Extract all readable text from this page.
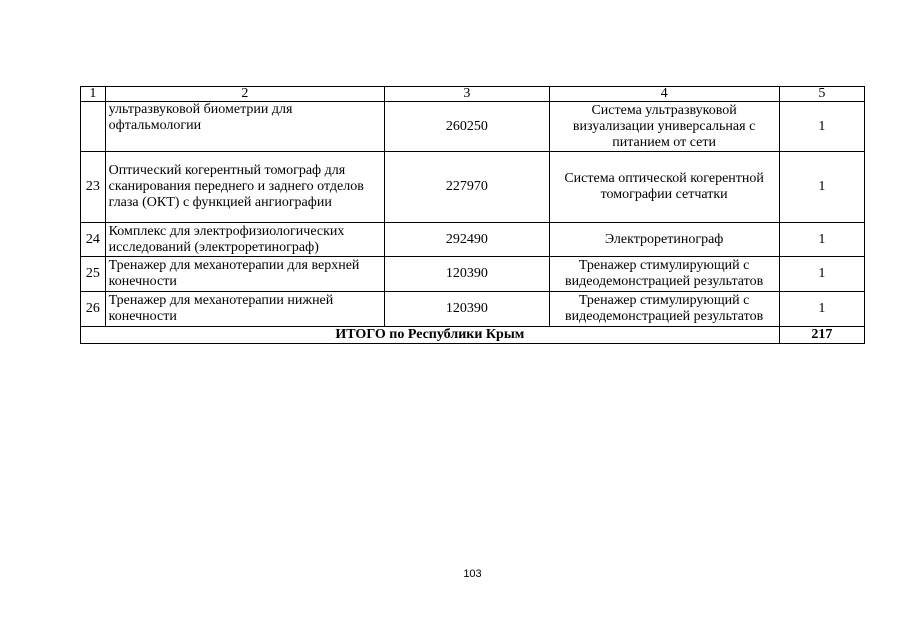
1	2	3	4	5
	ультразвуковой биометрии для офтальмологии	260250	Система ультразвуковой визуализации универсальная с питанием от сети	1
23	Оптический когерентный томограф для сканирования переднего и заднего отделов глаза (ОКТ) с функцией ангиографии	227970	Система оптической когерентной томографии сетчатки	1
24	Комплекс для электрофизиологических исследований (электроретинограф)	292490	Электроретинограф	1
25	Тренажер для механотерапии для верхней конечности	120390	Тренажер стимулирующий с видеодемонстрацией результатов	1
26	Тренажер для механотерапии нижней конечности	120390	Тренажер стимулирующий с видеодемонстрацией результатов	1
ИТОГО по Республики Крым				217
103
